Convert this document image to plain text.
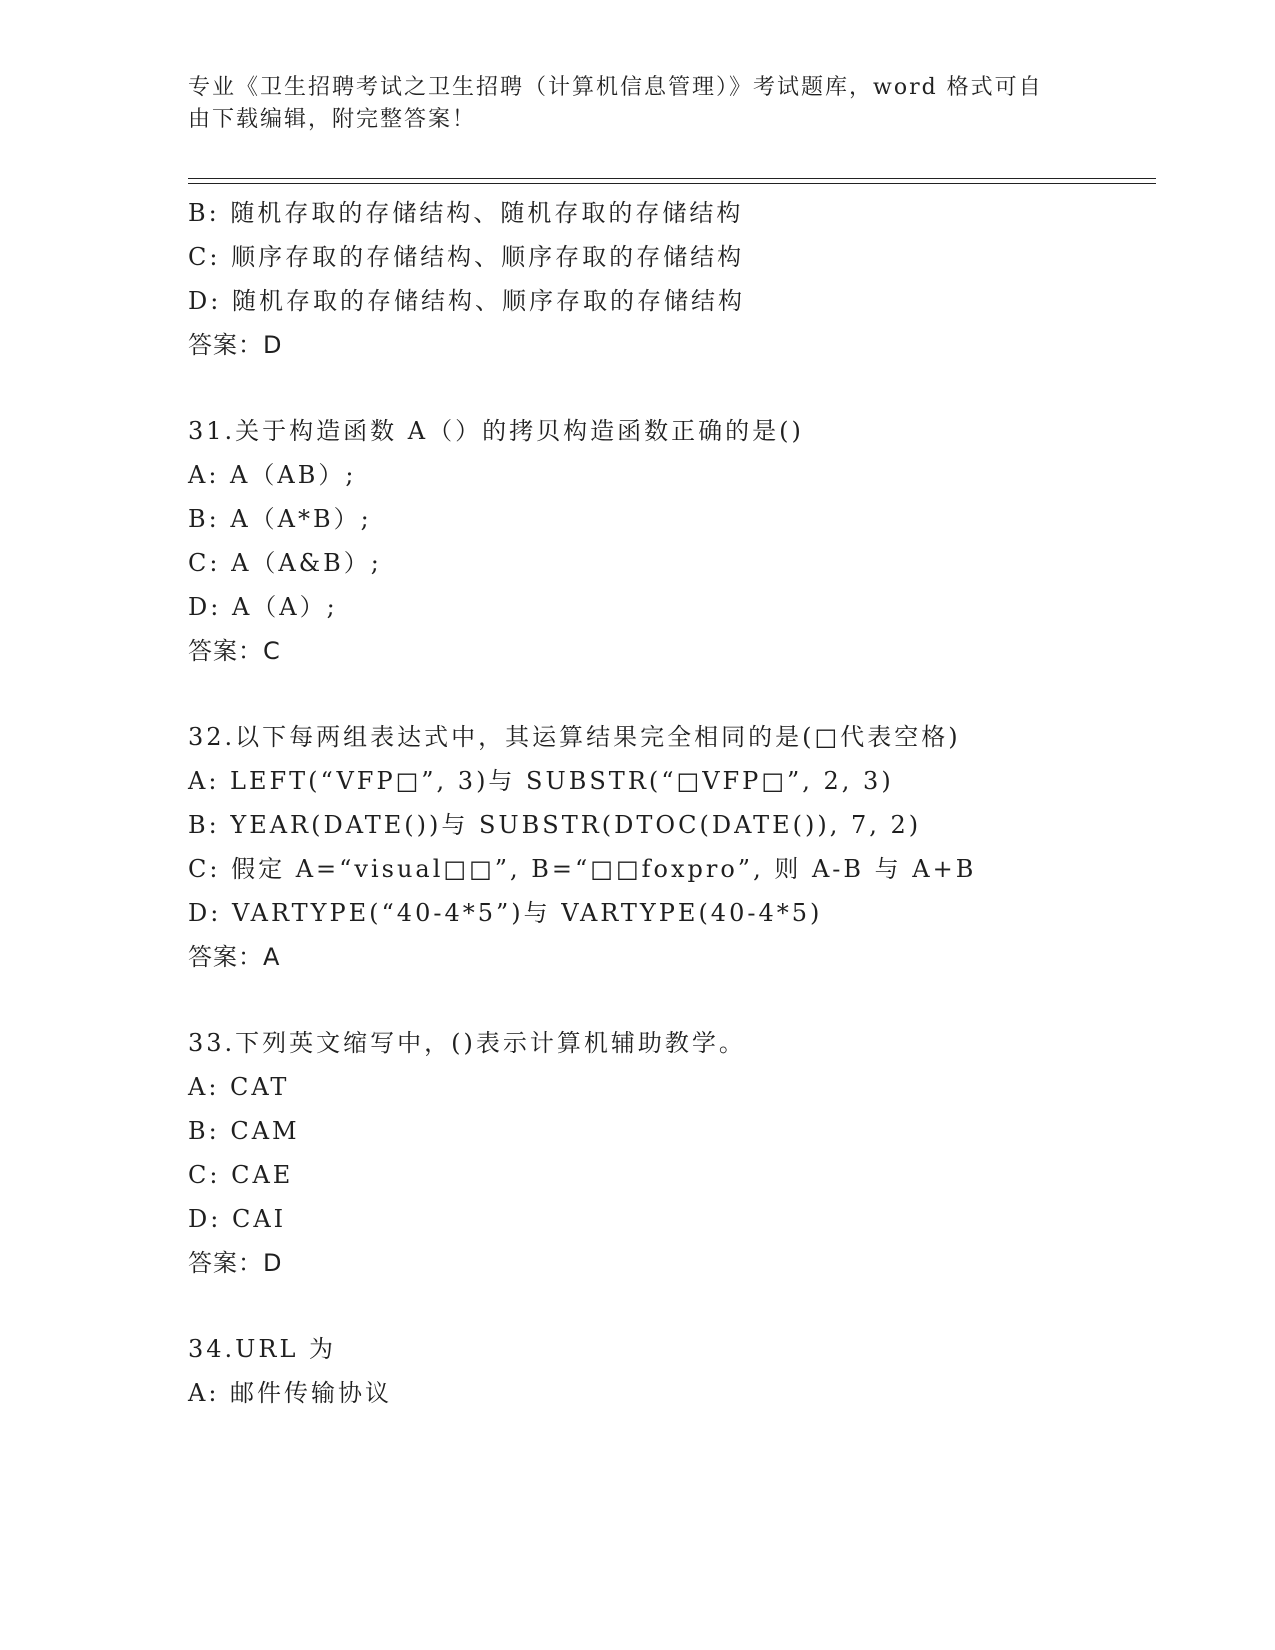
专业《卫生招聘考试之卫生招聘（计算机信息管理）》考试题库，word 格式可自
由下载编辑，附完整答案！
B: 随机存取的存储结构、随机存取的存储结构
C: 顺序存取的存储结构、顺序存取的存储结构
D: 随机存取的存储结构、顺序存取的存储结构
答案：D
31.关于构造函数 A（）的拷贝构造函数正确的是()
A: A（AB）;
B: A（A*B）;
C: A（A&B）;
D: A（A）;
答案：C
32.以下每两组表达式中，其运算结果完全相同的是(□代表空格)
A: LEFT(“VFP□”, 3)与 SUBSTR(“□VFP□”, 2, 3)
B: YEAR(DATE())与 SUBSTR(DTOC(DATE()), 7, 2)
C: 假定 A=“visual□□”, B=“□□foxpro”, 则 A-B 与 A+B
D: VARTYPE(“40-4*5”)与 VARTYPE(40-4*5)
答案：A
33.下列英文缩写中，()表示计算机辅助教学。
A: CAT
B: CAM
C: CAE
D: CAI
答案：D
34.URL 为
A: 邮件传输协议
